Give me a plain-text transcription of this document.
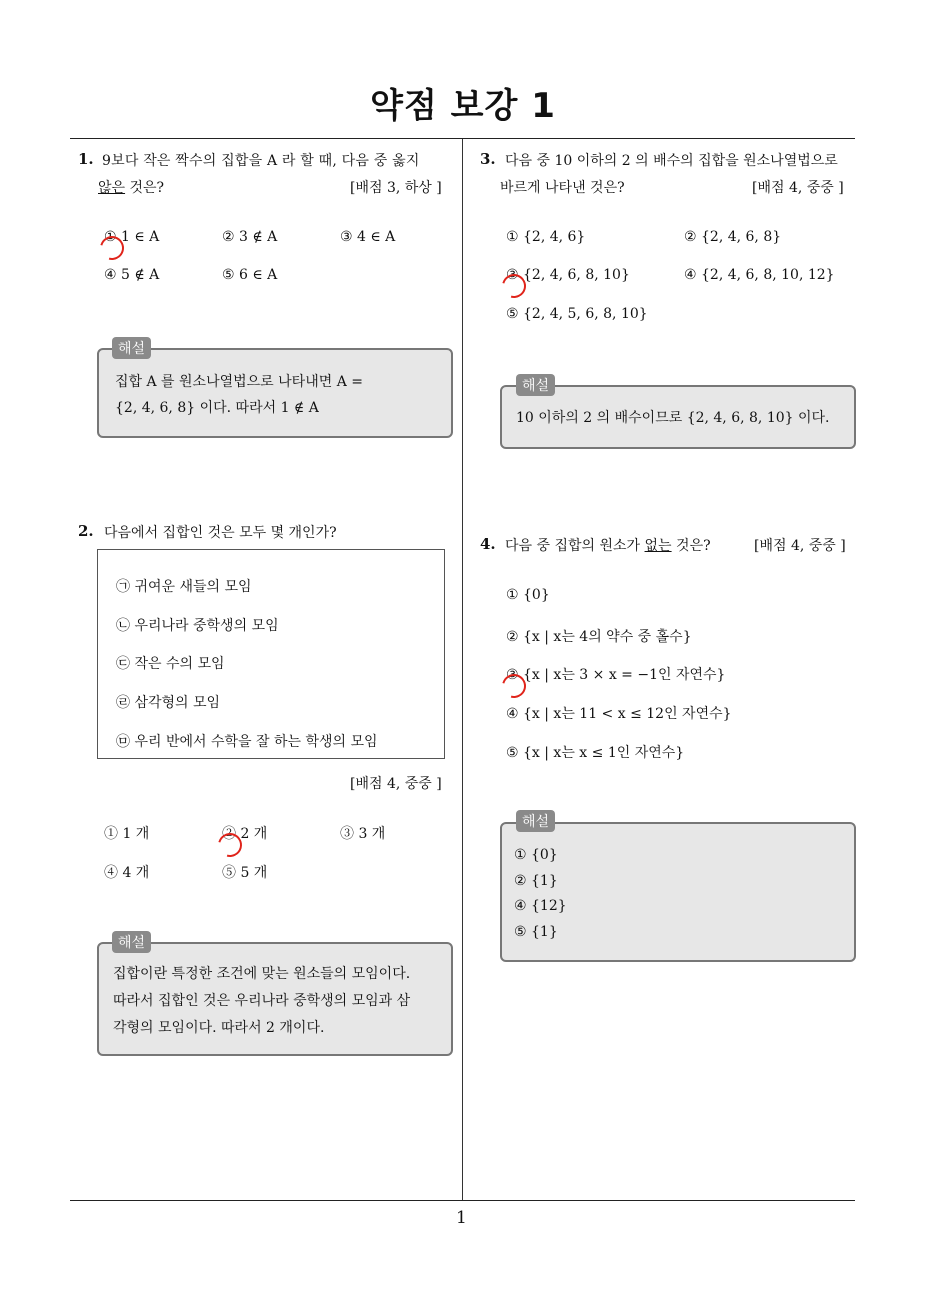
약점 보강 1
1
1. 9보다 작은 짝수의 집합을 A 라 할 때, 다음 중 옳지
않은 것은?	[배점 3, 하상 ]
① 1 ∈ A	② 3 ∉ A	③ 4 ∈ A
④ 5 ∉ A	⑤ 6 ∈ A
집합 A 를 원소나열법으로 나타내면 A =
{2, 4, 6, 8} 이다. 따라서 1 ∉ A
해설
2. 다음에서 집합인 것은 모두 몇 개인가?
㉠ 귀여운 새들의 모임
㉡ 우리나라 중학생의 모임
㉢ 작은 수의 모임
㉣ 삼각형의 모임
㉤ 우리 반에서 수학을 잘 하는 학생의 모임
[배점 4, 중중 ]
① 1 개	② 2 개	③ 3 개
④ 4 개	⑤ 5 개
집합이란 특정한 조건에 맞는 원소들의 모임이다.
따라서 집합인 것은 우리나라 중학생의 모임과 삼
각형의 모임이다. 따라서 2 개이다.
해설
3. 다음 중 10 이하의 2 의 배수의 집합을 원소나열법으로
바르게 나타낸 것은?	[배점 4, 중중 ]
① {2, 4, 6}	② {2, 4, 6, 8}
③ {2, 4, 6, 8, 10}	④ {2, 4, 6, 8, 10, 12}
⑤ {2, 4, 5, 6, 8, 10}
10 이하의 2 의 배수이므로 {2, 4, 6, 8, 10} 이다.
해설
4. 다음 중 집합의 원소가 없는 것은?	[배점 4, 중중 ]
① {0}
② {x | x는 4의 약수 중 홀수}
③ {x | x는 3 × x = −1인 자연수}
④ {x | x는 11 < x ≤ 12인 자연수}
⑤ {x | x는 x ≤ 1인 자연수}
① {0}
② {1}
④ {12}
⑤ {1}
해설
